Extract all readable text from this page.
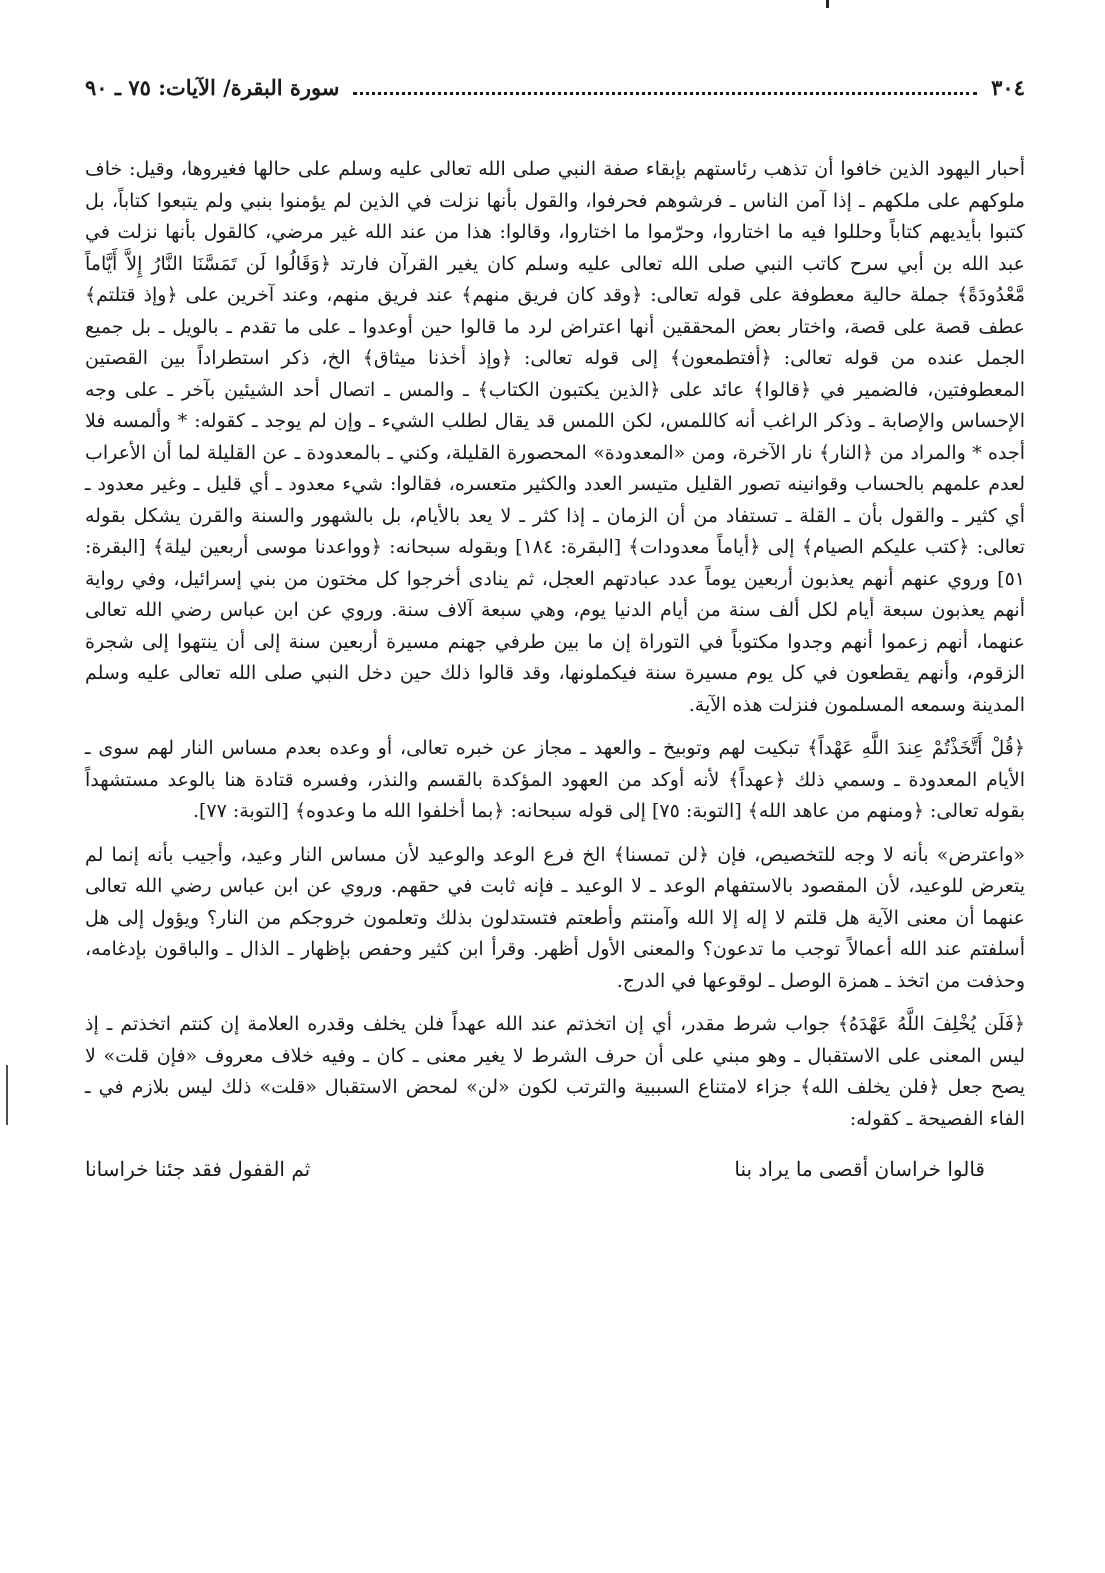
٣٠٤
سورة البقرة/ الآيات: ٧٥ ـ ٩٠

أحبار اليهود الذين خافوا أن تذهب رئاستهم بإبقاء صفة النبي صلى الله تعالى عليه وسلم على حالها فغيروها، وقيل: خاف ملوكهم على ملكهم ـ إذا آمن الناس ـ فرشوهم فحرفوا، والقول بأنها نزلت في الذين لم يؤمنوا بنبي ولم يتبعوا كتاباً، بل كتبوا بأيديهم كتاباً وحللوا فيه ما اختاروا، وحرّموا ما اختاروا، وقالوا: هذا من عند الله غير مرضي، كالقول بأنها نزلت في عبد الله بن أبي سرح كاتب النبي صلى الله تعالى عليه وسلم كان يغير القرآن فارتد ﴿وَقَالُوا لَن تَمَسَّنَا النَّارُ إِلاَّ أَيَّاماً مَّعْدُودَةً﴾ جملة حالية معطوفة على قوله تعالى: ﴿وقد كان فريق منهم﴾ عند فريق منهم، وعند آخرين على ﴿وإذ قتلتم﴾ عطف قصة على قصة، واختار بعض المحققين أنها اعتراض لرد ما قالوا حين أوعدوا ـ على ما تقدم ـ بالويل ـ بل جميع الجمل عنده من قوله تعالى: ﴿أفتطمعون﴾ إلى قوله تعالى: ﴿وإذ أخذنا ميثاق﴾ الخ، ذكر استطراداً بين القصتين المعطوفتين، فالضمير في ﴿قالوا﴾ عائد على ﴿الذين يكتبون الكتاب﴾ ـ والمس ـ اتصال أحد الشيئين بآخر ـ على وجه الإحساس والإصابة ـ وذكر الراغب أنه كاللمس، لكن اللمس قد يقال لطلب الشيء ـ وإن لم يوجد ـ كقوله: * وألمسه فلا أجده * والمراد من ﴿النار﴾ نار الآخرة، ومن «المعدودة» المحصورة القليلة، وكني ـ بالمعدودة ـ عن القليلة لما أن الأعراب لعدم علمهم بالحساب وقوانينه تصور القليل متيسر العدد والكثير متعسره، فقالوا: شيء معدود ـ أي قليل ـ وغير معدود ـ أي كثير ـ والقول بأن ـ القلة ـ تستفاد من أن الزمان ـ إذا كثر ـ لا يعد بالأيام، بل بالشهور والسنة والقرن يشكل بقوله تعالى: ﴿كتب عليكم الصيام﴾ إلى ﴿أياماً معدودات﴾ [البقرة: ١٨٤] وبقوله سبحانه: ﴿وواعدنا موسى أربعين ليلة﴾ [البقرة: ٥١] وروي عنهم أنهم يعذبون أربعين يوماً عدد عبادتهم العجل، ثم ينادى أخرجوا كل مختون من بني إسرائيل، وفي رواية أنهم يعذبون سبعة أيام لكل ألف سنة من أيام الدنيا يوم، وهي سبعة آلاف سنة. وروي عن ابن عباس رضي الله تعالى عنهما، أنهم زعموا أنهم وجدوا مكتوباً في التوراة إن ما بين طرفي جهنم مسيرة أربعين سنة إلى أن ينتهوا إلى شجرة الزقوم، وأنهم يقطعون في كل يوم مسيرة سنة فيكملونها، وقد قالوا ذلك حين دخل النبي صلى الله تعالى عليه وسلم المدينة وسمعه المسلمون فنزلت هذه الآية.

﴿قُلْ أَتَّخَذْتُمْ عِندَ اللَّهِ عَهْداً﴾ تبكيت لهم وتوبيخ ـ والعهد ـ مجاز عن خبره تعالى، أو وعده بعدم مساس النار لهم سوى ـ الأيام المعدودة ـ وسمي ذلك ﴿عهداً﴾ لأنه أوكد من العهود المؤكدة بالقسم والنذر، وفسره قتادة هنا بالوعد مستشهداً بقوله تعالى: ﴿ومنهم من عاهد الله﴾ [التوبة: ٧٥] إلى قوله سبحانه: ﴿بما أخلفوا الله ما وعدوه﴾ [التوبة: ٧٧].

«واعترض» بأنه لا وجه للتخصيص، فإن ﴿لن تمسنا﴾ الخ فرع الوعد والوعيد لأن مساس النار وعيد، وأجيب بأنه إنما لم يتعرض للوعيد، لأن المقصود بالاستفهام الوعد ـ لا الوعيد ـ فإنه ثابت في حقهم. وروي عن ابن عباس رضي الله تعالى عنهما أن معنى الآية هل قلتم لا إله إلا الله وآمنتم وأطعتم فتستدلون بذلك وتعلمون خروجكم من النار؟ ويؤول إلى هل أسلفتم عند الله أعمالاً توجب ما تدعون؟ والمعنى الأول أظهر. وقرأ ابن كثير وحفص بإظهار ـ الذال ـ والباقون بإدغامه، وحذفت من اتخذ ـ همزة الوصل ـ لوقوعها في الدرج.

﴿فَلَن يُخْلِفَ اللَّهُ عَهْدَهُ﴾ جواب شرط مقدر، أي إن اتخذتم عند الله عهداً فلن يخلف وقدره العلامة إن كنتم اتخذتم ـ إذ ليس المعنى على الاستقبال ـ وهو مبني على أن حرف الشرط لا يغير معنى ـ كان ـ وفيه خلاف معروف «فإن قلت» لا يصح جعل ﴿فلن يخلف الله﴾ جزاء لامتناع السببية والترتب لكون «لن» لمحض الاستقبال «قلت» ذلك ليس بلازم في ـ الفاء الفصيحة ـ كقوله:

قالوا خراسان أقصى ما يراد بنا
ثم القفول فقد جئنا خراسانا
